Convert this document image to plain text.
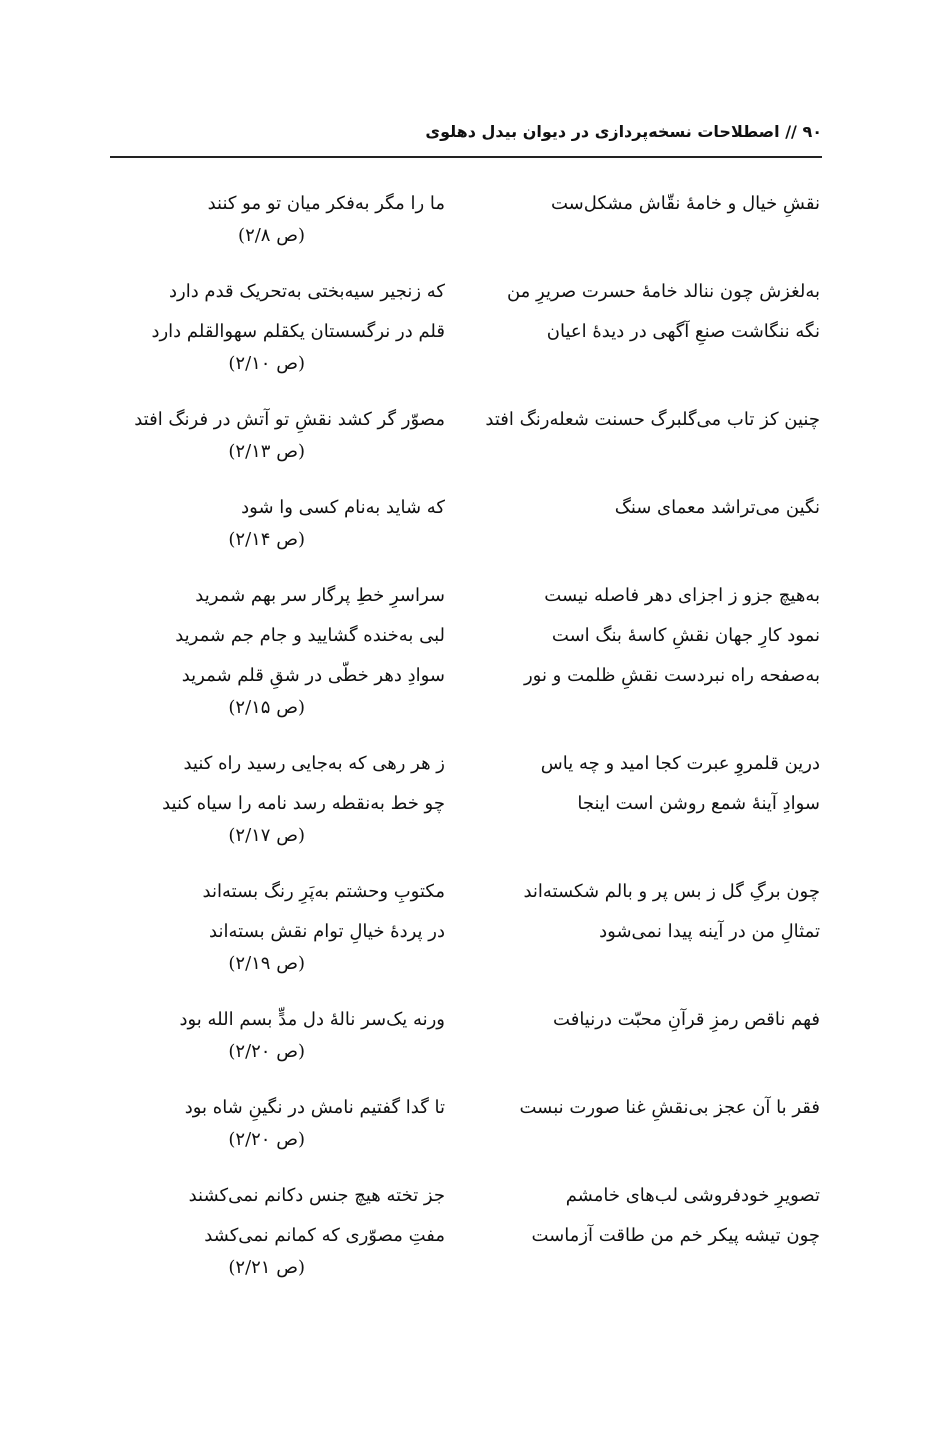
۹۰ // اصطلاحات نسخه‌پردازی در دیوان بیدل دهلوی
نقشِ خیال و خامهٔ نقّاش مشکل‌ست
ما را مگر به‌فکر میان تو مو کنند
(ص ۲/۸)
به‌لغزش چون ننالد خامهٔ حسرت صریرِ من
که زنجیر سیه‌بختی به‌تحریک قدم دارد
نگه ننگاشت صنعِ آگهی در دیدهٔ اعیان
قلم در نرگسستان یکقلم سهوالقلم دارد
(ص ۲/۱۰)
چنین کز تاب می‌گلبرگ حسنت شعله‌رنگ افتد
مصوّر گر کشد نقشِ تو آتش در فرنگ افتد
(ص ۲/۱۳)
نگین می‌تراشد معمای سنگ
که شاید به‌نام کسی وا شود
(ص ۲/۱۴)
به‌هیچ جزو ز اجزای دهر فاصله نیست
سراسرِ خطِ پرگار سر بهم شمرید
نمود کارِ جهان نقشِ کاسهٔ بنگ است
لبی به‌خنده گشایید و جام جم شمرید
به‌صفحه راه نبردست نقشِ ظلمت و نور
سوادِ دهر خطّی در شقِ قلم شمرید
(ص ۲/۱۵)
درین قلمروِ عبرت کجا امید و چه یاس
ز هر رهی که به‌جایی رسید راه کنید
سوادِ آینهٔ شمع روشن است اینجا
چو خط به‌نقطه رسد نامه را سیاه کنید
(ص ۲/۱۷)
چون برگِ گل ز بس پر و بالم شکسته‌اند
مکتوبِ وحشتم به‌پَرِ رنگ بسته‌اند
تمثالِ من در آینه پیدا نمی‌شود
در پردهٔ خیالِ توام نقش بسته‌اند
(ص ۲/۱۹)
فهم ناقص رمزِ قرآنِ محبّت درنیافت
ورنه یک‌سر نالهٔ دل مدٍّ بسم الله بود
(ص ۲/۲۰)
فقر با آن عجز بی‌نقشِ غنا صورت نبست
تا گدا گفتیم نامش در نگینِ شاه بود
(ص ۲/۲۰)
تصویرِ خودفروشی لب‌های خامشم
جز تخته هیچ جنس دکانم نمی‌کشند
چون تیشه پیکر خم من طاقت آزماست
مفتِ مصوّری که کمانم نمی‌کشد
(ص ۲/۲۱)
